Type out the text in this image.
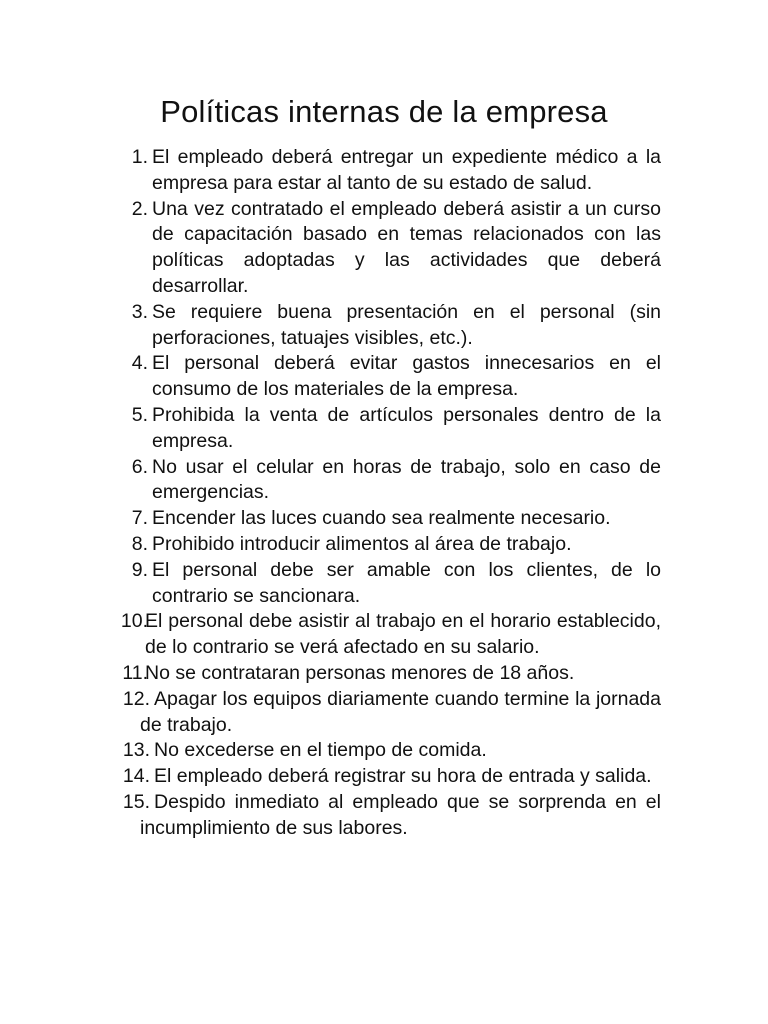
Políticas internas de la empresa
1. El empleado deberá entregar un expediente médico a la empresa para estar al tanto de su estado de salud.
2. Una vez contratado el empleado deberá asistir a un curso de capacitación basado en temas relacionados con las políticas adoptadas y las actividades que deberá desarrollar.
3. Se requiere buena presentación en el personal (sin perforaciones, tatuajes visibles, etc.).
4. El personal deberá evitar gastos innecesarios en el consumo de los materiales de la empresa.
5. Prohibida la venta de artículos personales dentro de la empresa.
6. No usar el celular en horas de trabajo, solo en caso de emergencias.
7. Encender las luces cuando sea realmente necesario.
8. Prohibido introducir alimentos al área de trabajo.
9. El personal debe ser amable con los clientes, de lo contrario se sancionara.
10.
El personal debe asistir al trabajo en el horario establecido, de lo contrario se verá afectado en su salario.
11.
No se contrataran personas menores de 18 años.
12. Apagar los equipos diariamente cuando termine la jornada de trabajo.
13. No excederse en el tiempo de comida.
14. El empleado deberá registrar su hora de entrada y salida.
15. Despido inmediato al empleado que se sorprenda en el incumplimiento de sus labores.
